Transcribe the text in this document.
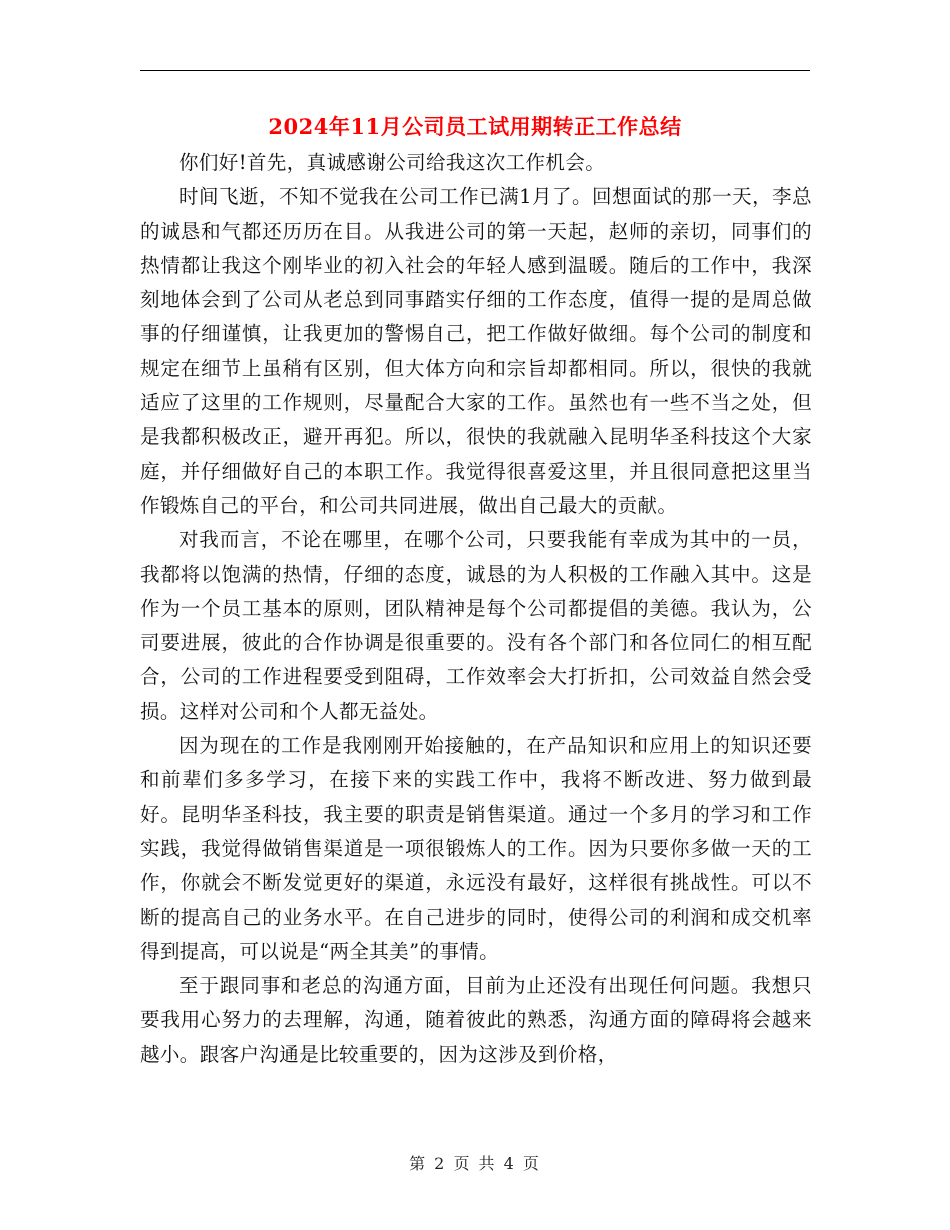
2024年11月公司员工试用期转正工作总结

你们好!首先，真诚感谢公司给我这次工作机会。

时间飞逝，不知不觉我在公司工作已满1月了。回想面试的那一天，李总的诚恳和气都还历历在目。从我进公司的第一天起，赵师的亲切，同事们的热情都让我这个刚毕业的初入社会的年轻人感到温暖。随后的工作中，我深刻地体会到了公司从老总到同事踏实仔细的工作态度，值得一提的是周总做事的仔细谨慎，让我更加的警惕自己，把工作做好做细。每个公司的制度和规定在细节上虽稍有区别，但大体方向和宗旨却都相同。所以，很快的我就适应了这里的工作规则，尽量配合大家的工作。虽然也有一些不当之处，但是我都积极改正，避开再犯。所以，很快的我就融入昆明华圣科技这个大家庭，并仔细做好自己的本职工作。我觉得很喜爱这里，并且很同意把这里当作锻炼自己的平台，和公司共同进展，做出自己最大的贡献。

对我而言，不论在哪里，在哪个公司，只要我能有幸成为其中的一员，我都将以饱满的热情，仔细的态度，诚恳的为人积极的工作融入其中。这是作为一个员工基本的原则，团队精神是每个公司都提倡的美德。我认为，公司要进展，彼此的合作协调是很重要的。没有各个部门和各位同仁的相互配合，公司的工作进程要受到阻碍，工作效率会大打折扣，公司效益自然会受损。这样对公司和个人都无益处。

因为现在的工作是我刚刚开始接触的，在产品知识和应用上的知识还要和前辈们多多学习，在接下来的实践工作中，我将不断改进、努力做到最好。昆明华圣科技，我主要的职责是销售渠道。通过一个多月的学习和工作实践，我觉得做销售渠道是一项很锻炼人的工作。因为只要你多做一天的工作，你就会不断发觉更好的渠道，永远没有最好，这样很有挑战性。可以不断的提高自己的业务水平。在自己进步的同时，使得公司的利润和成交机率得到提高，可以说是“两全其美”的事情。

至于跟同事和老总的沟通方面，目前为止还没有出现任何问题。我想只要我用心努力的去理解，沟通，随着彼此的熟悉，沟通方面的障碍将会越来越小。跟客户沟通是比较重要的，因为这涉及到价格，

第 2 页 共 4 页
